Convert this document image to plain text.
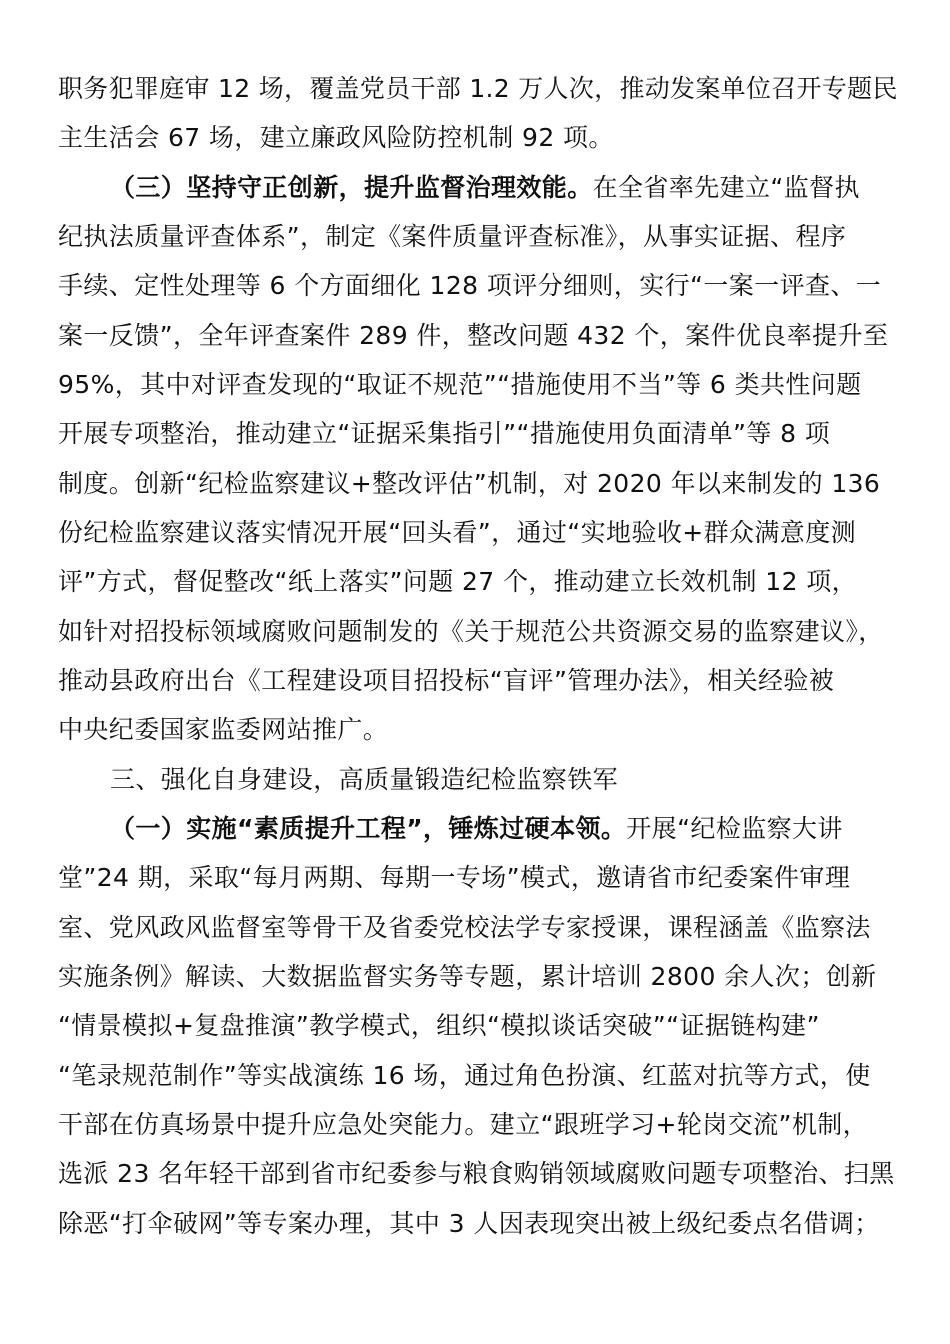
职务犯罪庭审 12 场，覆盖党员干部 1.2 万人次，推动发案单位召开专题民
主生活会 67 场，建立廉政风险防控机制 92 项。
（三）坚持守正创新，提升监督治理效能。在全省率先建立“监督执
纪执法质量评查体系”，制定《案件质量评查标准》，从事实证据、程序
手续、定性处理等 6 个方面细化 128 项评分细则，实行“一案一评查、一
案一反馈”，全年评查案件 289 件，整改问题 432 个，案件优良率提升至
95%，其中对评查发现的“取证不规范”“措施使用不当”等 6 类共性问题
开展专项整治，推动建立“证据采集指引”“措施使用负面清单”等 8 项
制度。创新“纪检监察建议+整改评估”机制，对 2020 年以来制发的 136
份纪检监察建议落实情况开展“回头看”，通过“实地验收+群众满意度测
评”方式，督促整改“纸上落实”问题 27 个，推动建立长效机制 12 项，
如针对招投标领域腐败问题制发的《关于规范公共资源交易的监察建议》，
推动县政府出台《工程建设项目招投标“盲评”管理办法》，相关经验被
中央纪委国家监委网站推广。
三、强化自身建设，高质量锻造纪检监察铁军
（一）实施“素质提升工程”，锤炼过硬本领。开展“纪检监察大讲
堂”24 期，采取“每月两期、每期一专场”模式，邀请省市纪委案件审理
室、党风政风监督室等骨干及省委党校法学专家授课，课程涵盖《监察法
实施条例》解读、大数据监督实务等专题，累计培训 2800 余人次；创新
“情景模拟+复盘推演”教学模式，组织“模拟谈话突破”“证据链构建”
“笔录规范制作”等实战演练 16 场，通过角色扮演、红蓝对抗等方式，使
干部在仿真场景中提升应急处突能力。建立“跟班学习+轮岗交流”机制，
选派 23 名年轻干部到省市纪委参与粮食购销领域腐败问题专项整治、扫黑
除恶“打伞破网”等专案办理，其中 3 人因表现突出被上级纪委点名借调；
